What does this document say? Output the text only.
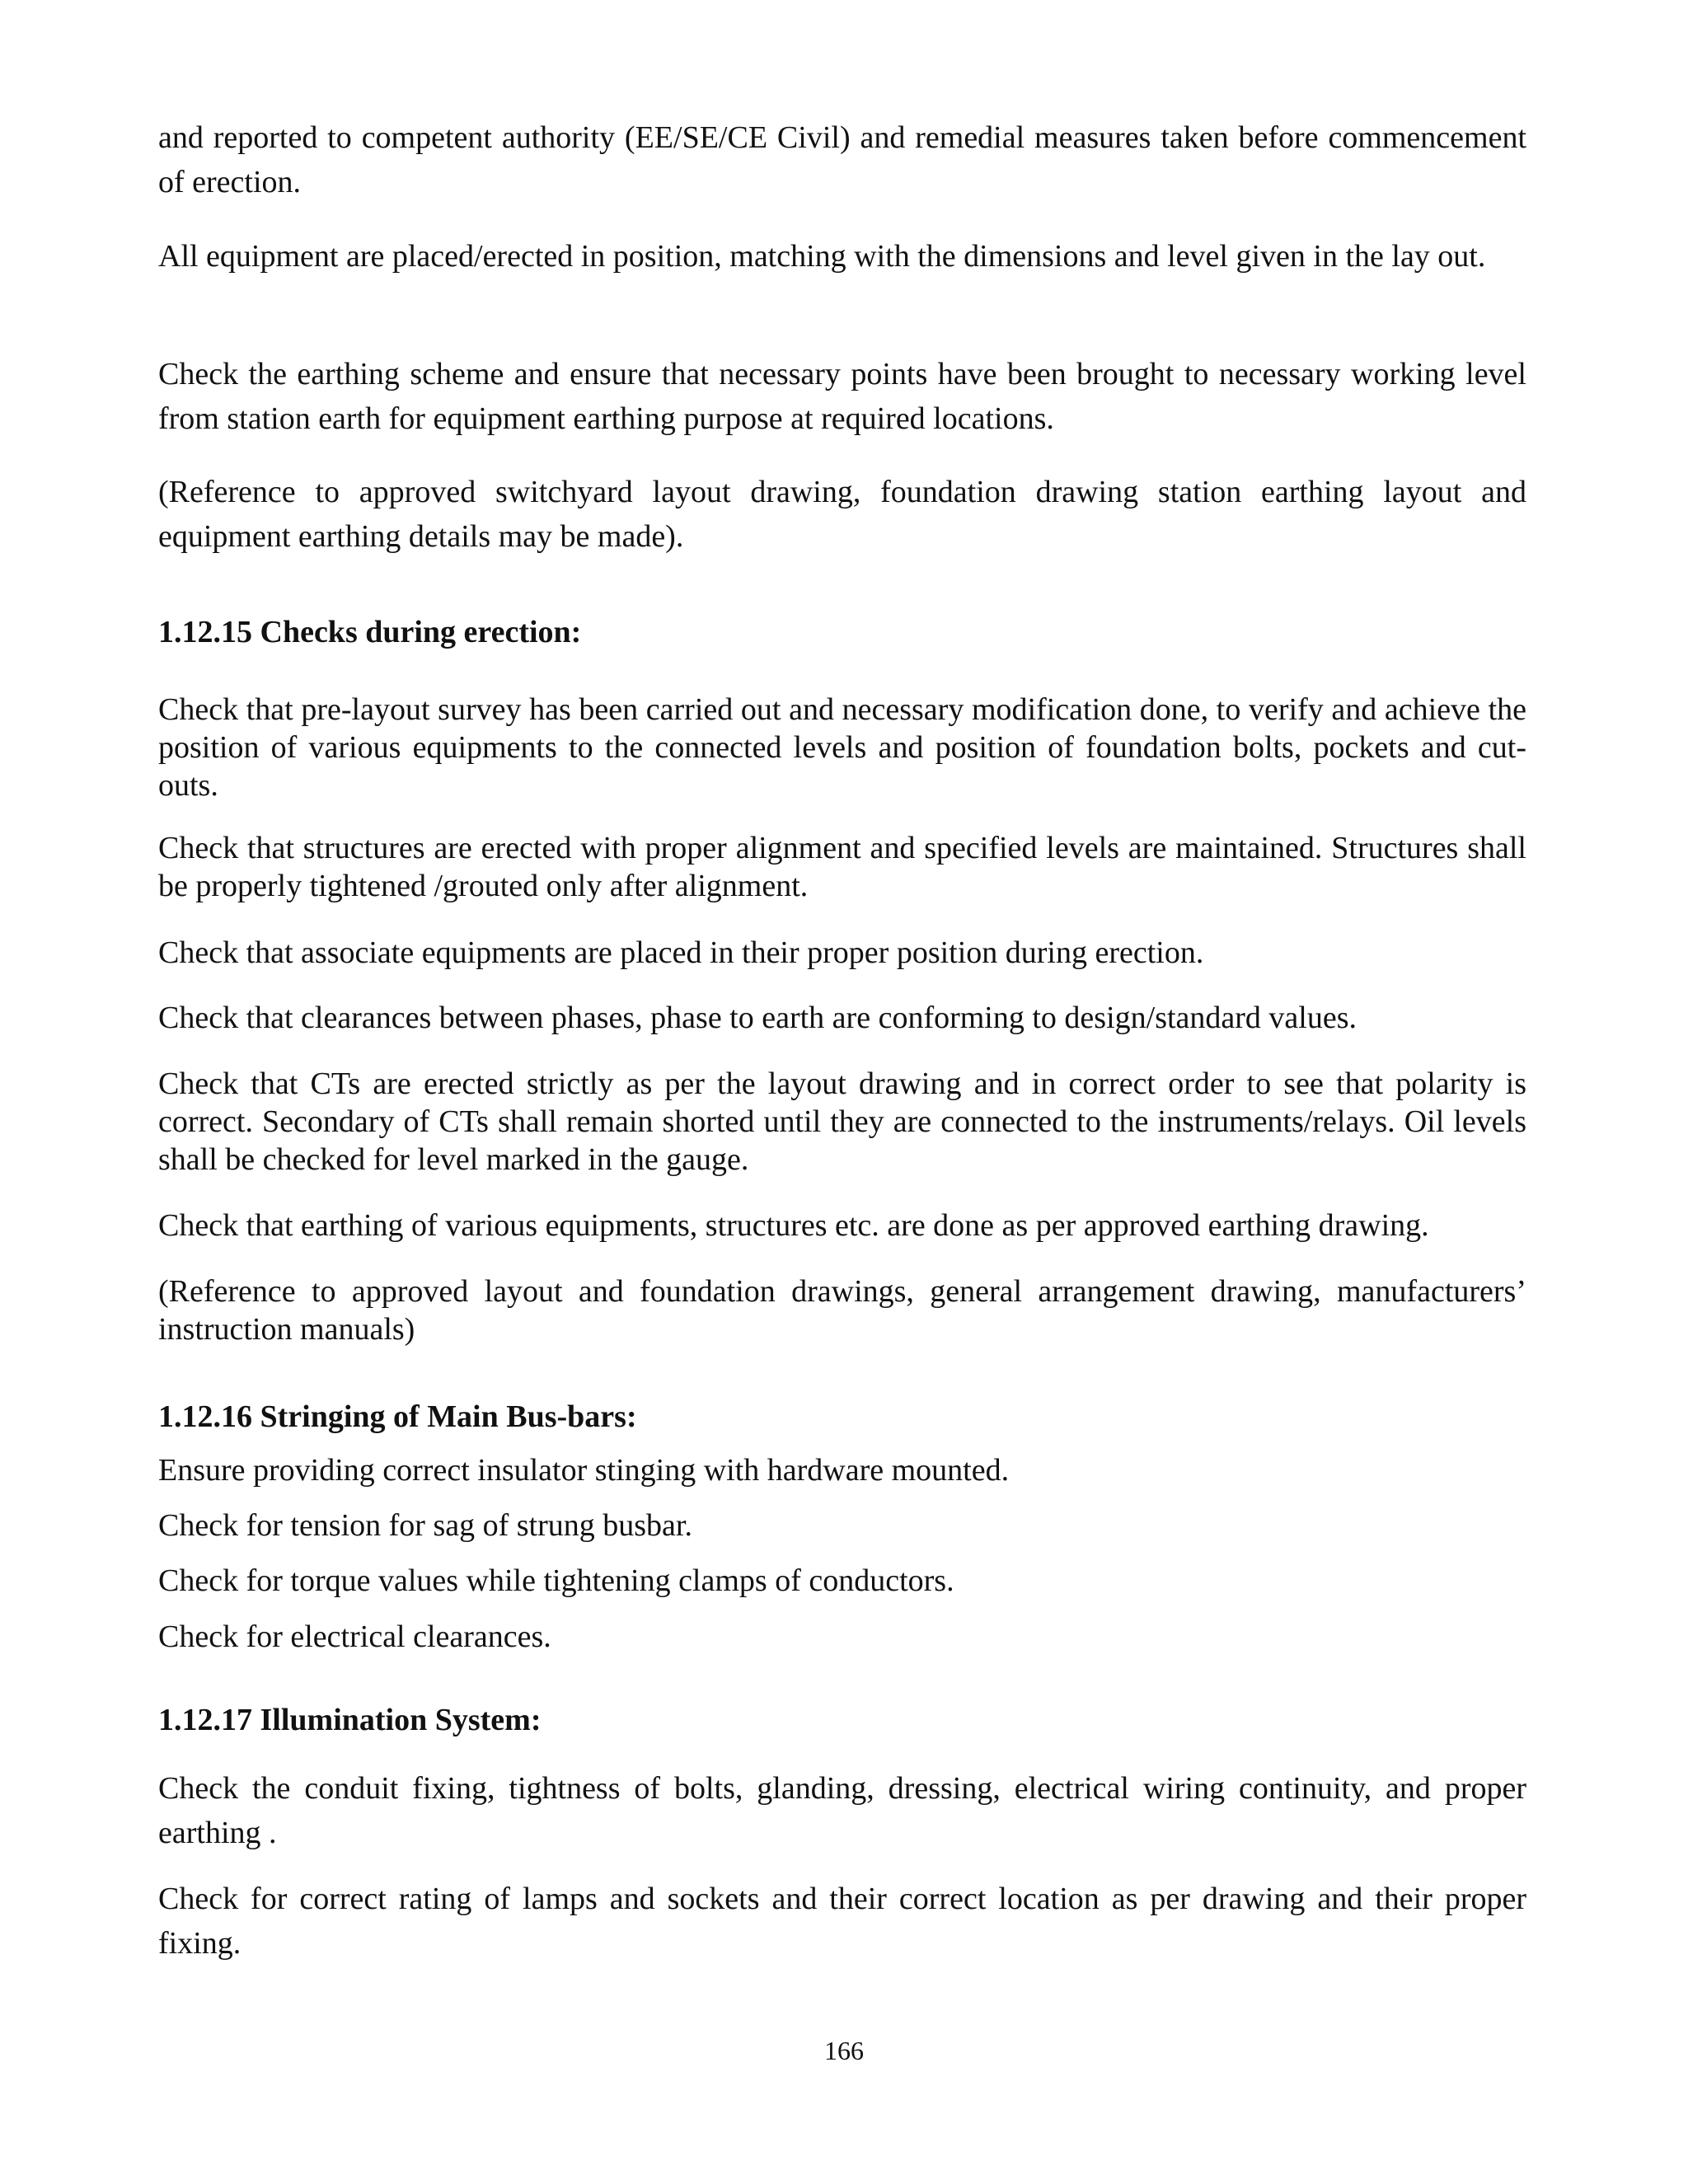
and reported to competent authority (EE/SE/CE Civil) and remedial measures taken before commencement of erection.

All equipment are placed/erected in position, matching with the dimensions and level given in the lay out.

Check the earthing scheme and ensure that necessary points have been brought to necessary working level from station earth for equipment earthing purpose at required locations.

(Reference to approved switchyard layout drawing, foundation drawing station earthing layout and equipment earthing details may be made).

1.12.15 Checks during erection:

Check that pre-layout survey has been carried out and necessary modification done, to verify and achieve the position of various equipments to the connected levels and position of foundation bolts, pockets and cut-outs.

Check that structures are erected with proper alignment and specified levels are maintained. Structures shall be properly tightened /grouted only after alignment.

Check that associate equipments are placed in their proper position during erection.

Check that clearances between phases, phase to earth are conforming to design/standard values.

Check that CTs are erected strictly as per the layout drawing and in correct order to see that polarity is correct. Secondary of CTs shall remain shorted until they are connected to the instruments/relays. Oil levels shall be checked for level marked in the gauge.

Check that earthing of various equipments, structures etc. are done as per approved earthing drawing.

(Reference to approved layout and foundation drawings, general arrangement drawing, manufacturers’ instruction manuals)

1.12.16 Stringing of Main Bus-bars:

Ensure providing correct insulator stinging with hardware mounted.

Check for tension for sag of strung busbar.

Check for torque values while tightening clamps of conductors.

Check for electrical clearances.

1.12.17 Illumination System:

Check the conduit fixing, tightness of bolts, glanding, dressing, electrical wiring continuity, and proper earthing .

Check for correct rating of lamps and sockets and their correct location as per drawing and their proper fixing.

166
